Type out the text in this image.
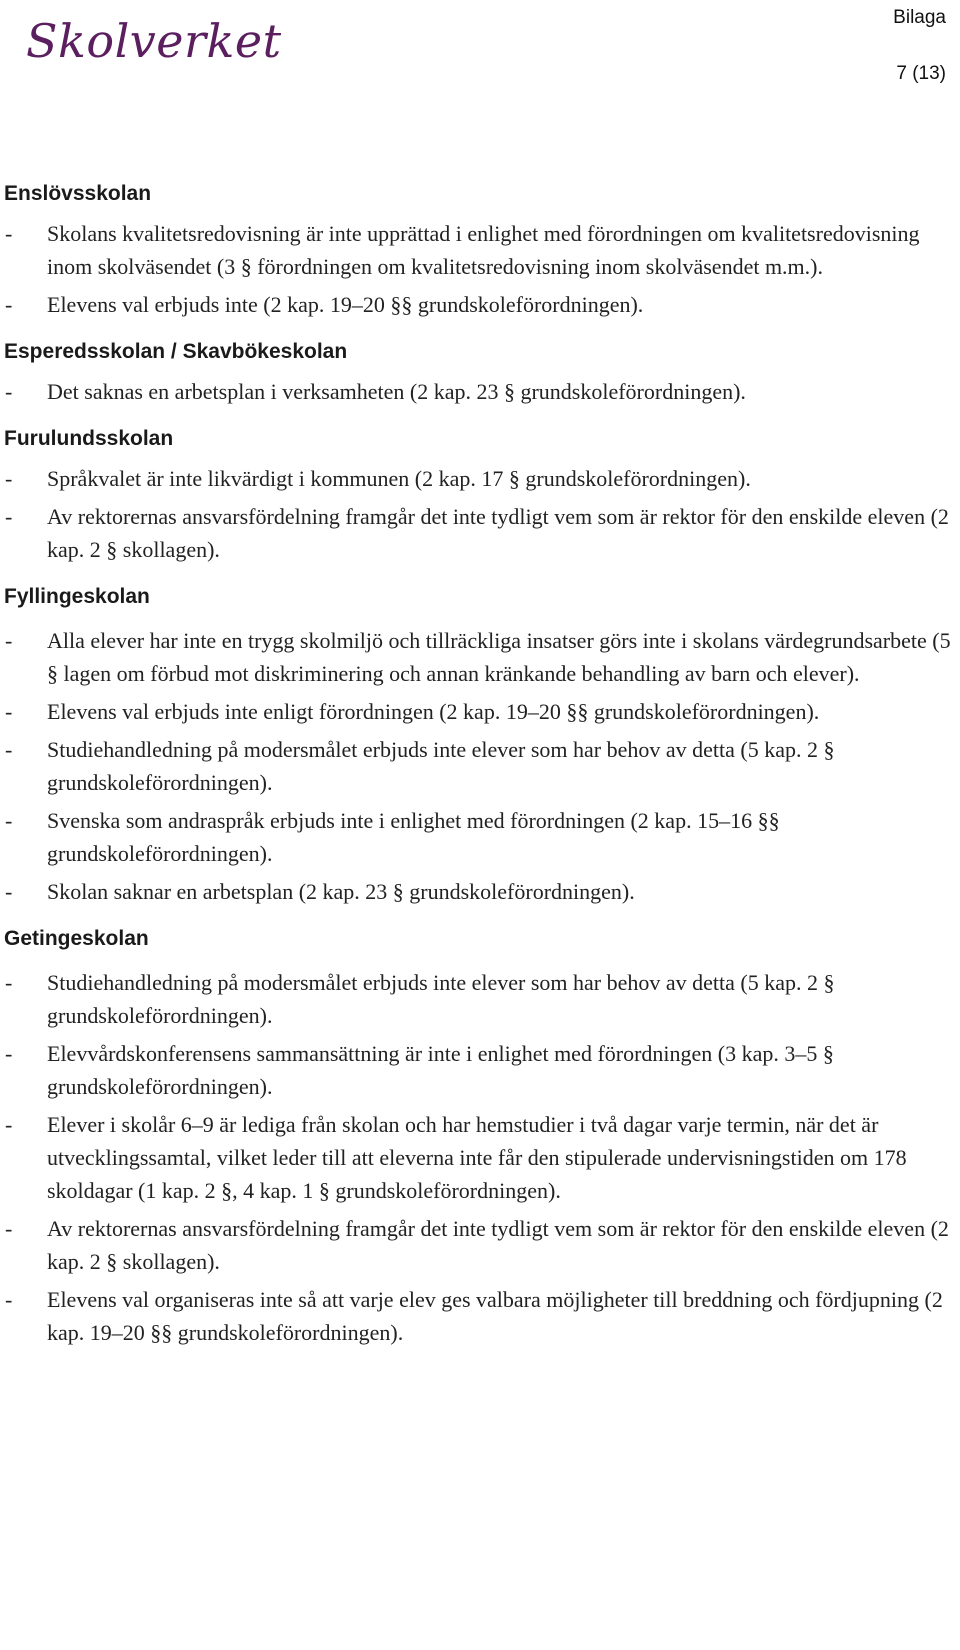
Skolverket	Bilaga
7 (13)
Enslövsskolan
- Skolans kvalitetsredovisning är inte upprättad i enlighet med förordningen om kvalitetsredovisning inom skolväsendet (3 § förordningen om kvalitetsredovisning inom skolväsendet m.m.).
- Elevens val erbjuds inte (2 kap. 19–20 §§ grundskoleförordningen).
Esperedsskolan / Skavbökeskolan
- Det saknas en arbetsplan i verksamheten (2 kap. 23 § grundskoleförordningen).
Furulundsskolan
- Språkvalet är inte likvärdigt i kommunen (2 kap. 17 § grundskoleförordningen).
- Av rektorernas ansvarsfördelning framgår det inte tydligt vem som är rektor för den enskilde eleven (2 kap. 2 § skollagen).
Fyllingeskolan
- Alla elever har inte en trygg skolmiljö och tillräckliga insatser görs inte i skolans värdegrundsarbete (5 § lagen om förbud mot diskriminering och annan kränkande behandling av barn och elever).
- Elevens val erbjuds inte enligt förordningen (2 kap. 19–20 §§ grundskoleförordningen).
- Studiehandledning på modersmålet erbjuds inte elever som har behov av detta (5 kap. 2 § grundskoleförordningen).
- Svenska som andraspråk erbjuds inte i enlighet med förordningen (2 kap. 15–16 §§ grundskoleförordningen).
- Skolan saknar en arbetsplan (2 kap. 23 § grundskoleförordningen).
Getingeskolan
- Studiehandledning på modersmålet erbjuds inte elever som har behov av detta (5 kap. 2 § grundskoleförordningen).
- Elevvårdskonferensens sammansättning är inte i enlighet med förordningen (3 kap. 3–5 § grundskoleförordningen).
- Elever i skolår 6–9 är lediga från skolan och har hemstudier i två dagar varje termin, när det är utvecklingssamtal, vilket leder till att eleverna inte får den stipulerade undervisningstiden om 178 skoldagar (1 kap. 2 §, 4 kap. 1 § grundskoleförordningen).
- Av rektorernas ansvarsfördelning framgår det inte tydligt vem som är rektor för den enskilde eleven (2 kap. 2 § skollagen).
- Elevens val organiseras inte så att varje elev ges valbara möjligheter till breddning och fördjupning (2 kap. 19–20 §§ grundskoleförordningen).
